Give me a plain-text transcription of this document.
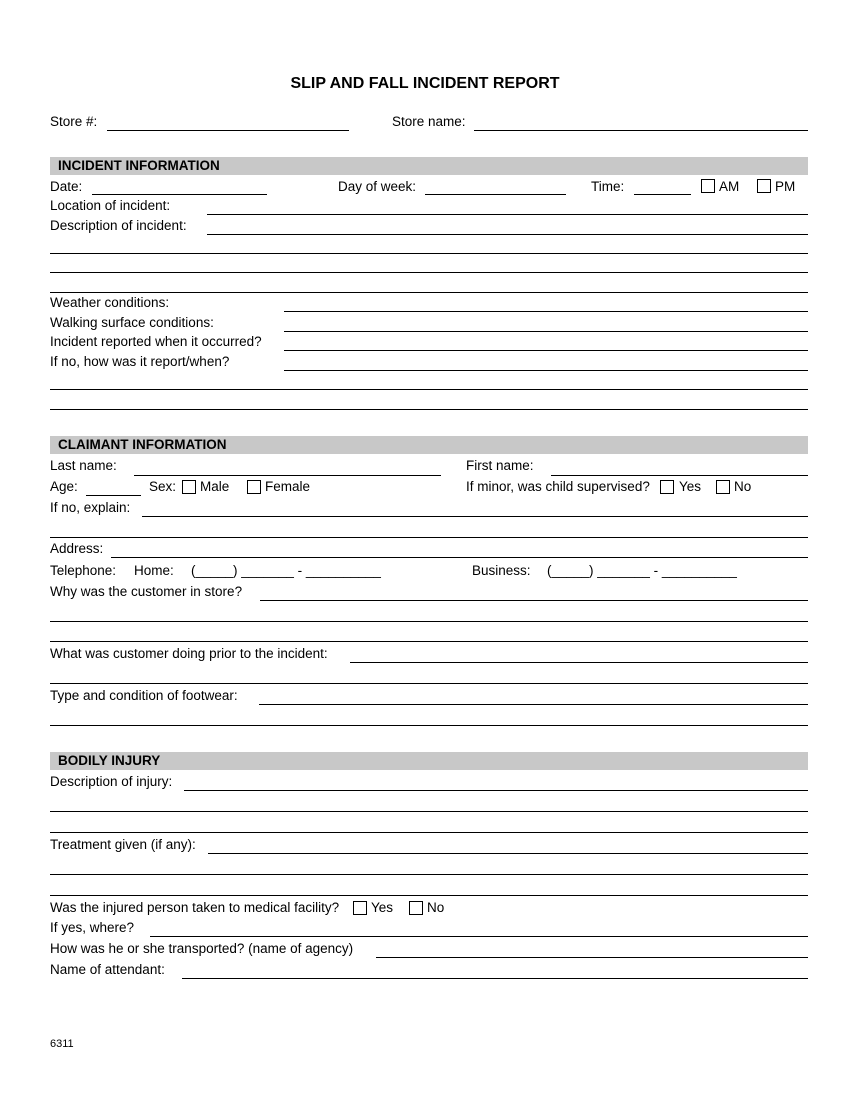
SLIP AND FALL INCIDENT REPORT
Store #:	Store name:
INCIDENT INFORMATION
Date:	Day of week:	Time:	AM	PM
Location of incident:
Description of incident:
Weather conditions:
Walking surface conditions:
Incident reported when it occurred?
If no, how was it report/when?
CLAIMANT INFORMATION
Last name:	First name:
Age:	Sex: Male	Female	If minor, was child supervised? Yes No
If no, explain:
Address:
Telephone: Home: (_____) _______ - __________	Business: (_____) _______ - __________
Why was the customer in store?
What was customer doing prior to the incident:
Type and condition of footwear:
BODILY INJURY
Description of injury:
Treatment given (if any):
Was the injured person taken to medical facility? Yes	No
If yes, where?
How was he or she transported? (name of agency)
Name of attendant:
6311
